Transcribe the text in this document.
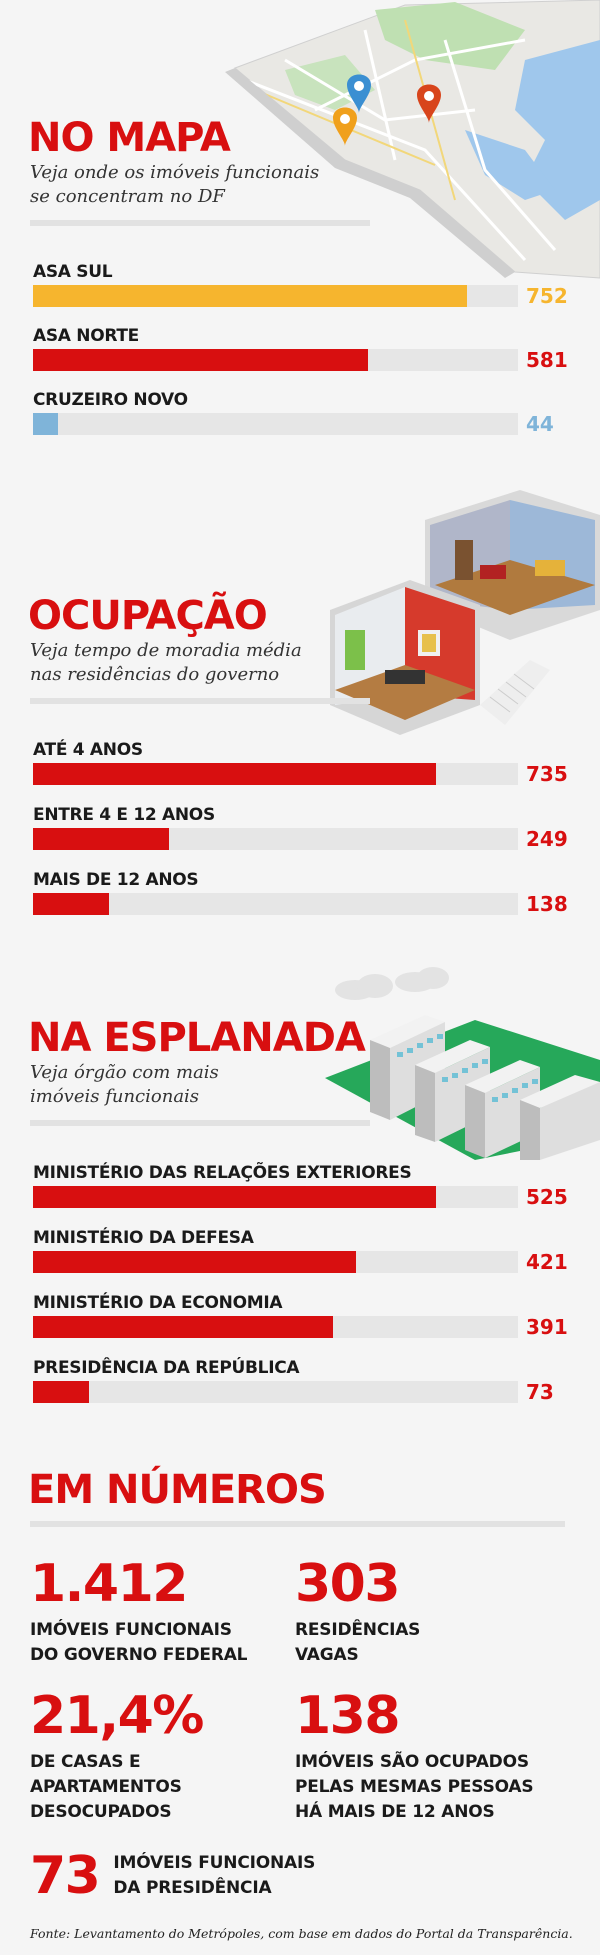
NO MAPA
Veja onde os imóveis funcionais
se concentram no DF
ASA SUL
752
ASA NORTE
581
CRUZEIRO NOVO
44
OCUPAÇÃO
Veja tempo de moradia média
nas residências do governo
ATÉ 4 ANOS
735
ENTRE 4 E 12 ANOS
249
MAIS DE 12 ANOS
138
NA ESPLANADA
Veja órgão com mais
imóveis funcionais
MINISTÉRIO DAS RELAÇÕES EXTERIORES
525
MINISTÉRIO DA DEFESA
421
MINISTÉRIO DA ECONOMIA
391
PRESIDÊNCIA DA REPÚBLICA
73
EM NÚMEROS
1.412
IMÓVEIS FUNCIONAIS
DO GOVERNO FEDERAL
303
RESIDÊNCIAS
VAGAS
21,4%
DE CASAS E
APARTAMENTOS
DESOCUPADOS
138
IMÓVEIS SÃO OCUPADOS
PELAS MESMAS PESSOAS
HÁ MAIS DE 12 ANOS
73 IMÓVEIS FUNCIONAIS
DA PRESIDÊNCIA
Fonte: Levantamento do Metrópoles, com base em dados do Portal da Transparência.
